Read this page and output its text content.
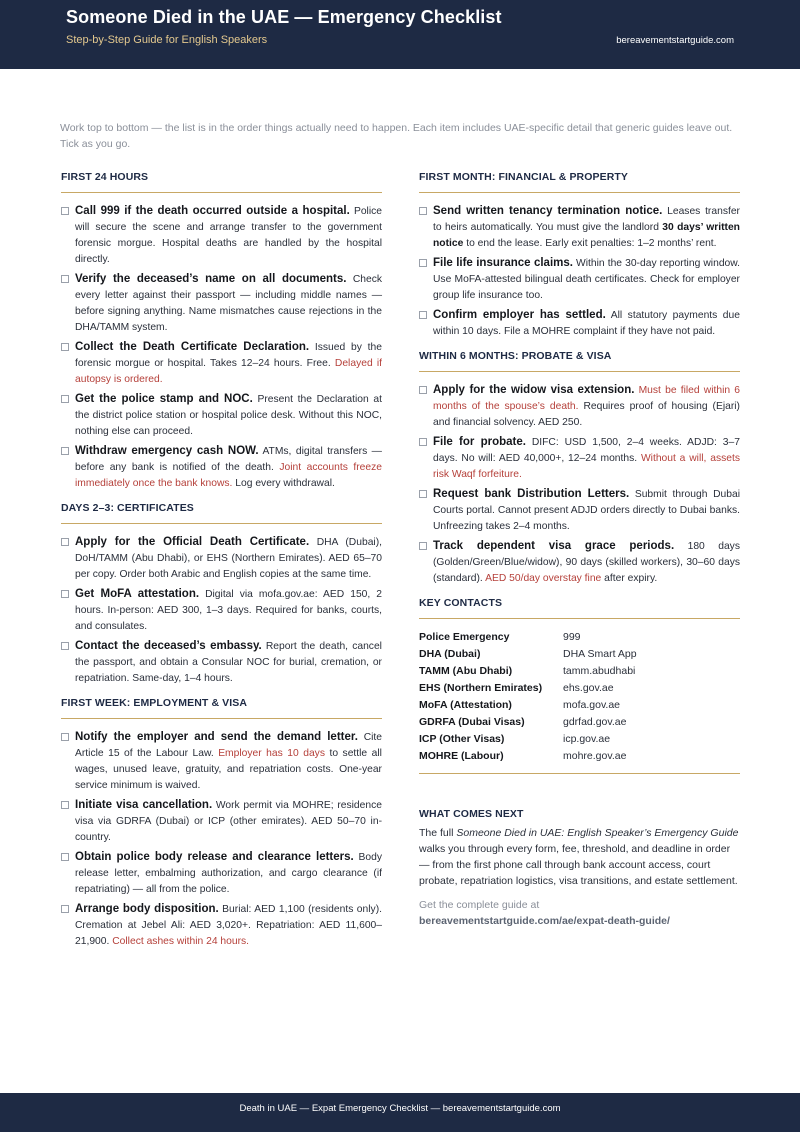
Someone Died in the UAE — Emergency Checklist
Step-by-Step Guide for English Speakers	bereavementstartguide.com
Work top to bottom — the list is in the order things actually need to happen. Each item includes UAE-specific detail that generic guides leave out. Tick as you go.
FIRST 24 HOURS
Call 999 if the death occurred outside a hospital. Police will secure the scene and arrange transfer to the government forensic morgue. Hospital deaths are handled by the hospital directly.
Verify the deceased’s name on all documents. Check every letter against their passport — including middle names — before signing anything. Name mismatches cause rejections in the DHA/TAMM system.
Collect the Death Certificate Declaration. Issued by the forensic morgue or hospital. Takes 12–24 hours. Free. Delayed if autopsy is ordered.
Get the police stamp and NOC. Present the Declaration at the district police station or hospital police desk. Without this NOC, nothing else can proceed.
Withdraw emergency cash NOW. ATMs, digital transfers — before any bank is notified of the death. Joint accounts freeze immediately once the bank knows. Log every withdrawal.
DAYS 2–3: CERTIFICATES
Apply for the Official Death Certificate. DHA (Dubai), DoH/TAMM (Abu Dhabi), or EHS (Northern Emirates). AED 65–70 per copy. Order both Arabic and English copies at the same time.
Get MoFA attestation. Digital via mofa.gov.ae: AED 150, 2 hours. In-person: AED 300, 1–3 days. Required for banks, courts, and consulates.
Contact the deceased’s embassy. Report the death, cancel the passport, and obtain a Consular NOC for burial, cremation, or repatriation. Same-day, 1–4 hours.
FIRST WEEK: EMPLOYMENT & VISA
Notify the employer and send the demand letter. Cite Article 15 of the Labour Law. Employer has 10 days to settle all wages, unused leave, gratuity, and repatriation costs. One-year service minimum is waived.
Initiate visa cancellation. Work permit via MOHRE; residence visa via GDRFA (Dubai) or ICP (other emirates). AED 50–70 in-country.
Obtain police body release and clearance letters. Body release letter, embalming authorization, and cargo clearance (if repatriating) — all from the police.
Arrange body disposition. Burial: AED 1,100 (residents only). Cremation at Jebel Ali: AED 3,020+. Repatriation: AED 11,600–21,900. Collect ashes within 24 hours.
FIRST MONTH: FINANCIAL & PROPERTY
Send written tenancy termination notice. Leases transfer to heirs automatically. You must give the landlord 30 days’ written notice to end the lease. Early exit penalties: 1–2 months’ rent.
File life insurance claims. Within the 30-day reporting window. Use MoFA-attested bilingual death certificates. Check for employer group life insurance too.
Confirm employer has settled. All statutory payments due within 10 days. File a MOHRE complaint if they have not paid.
WITHIN 6 MONTHS: PROBATE & VISA
Apply for the widow visa extension. Must be filed within 6 months of the spouse’s death. Requires proof of housing (Ejari) and financial solvency. AED 250.
File for probate. DIFC: USD 1,500, 2–4 weeks. ADJD: 3–7 days. No will: AED 40,000+, 12–24 months. Without a will, assets risk Waqf forfeiture.
Request bank Distribution Letters. Submit through Dubai Courts portal. Cannot present ADJD orders directly to Dubai banks. Unfreezing takes 2–4 months.
Track dependent visa grace periods. 180 days (Golden/Green/Blue/widow), 90 days (skilled workers), 30–60 days (standard). AED 50/day overstay fine after expiry.
KEY CONTACTS
Police Emergency	999
DHA (Dubai)	DHA Smart App
TAMM (Abu Dhabi)	tamm.abudhabi
EHS (Northern Emirates)	ehs.gov.ae
MoFA (Attestation)	mofa.gov.ae
GDRFA (Dubai Visas)	gdrfad.gov.ae
ICP (Other Visas)	icp.gov.ae
MOHRE (Labour)	mohre.gov.ae
WHAT COMES NEXT

The full Someone Died in UAE: English Speaker’s Emergency Guide walks you through every form, fee, threshold, and deadline in order — from the first phone call through bank account access, court probate, repatriation logistics, visa transitions, and estate settlement.

Get the complete guide at

bereavementstartguide.com/ae/expat-death-guide/

Death in UAE — Expat Emergency Checklist — bereavementstartguide.com
